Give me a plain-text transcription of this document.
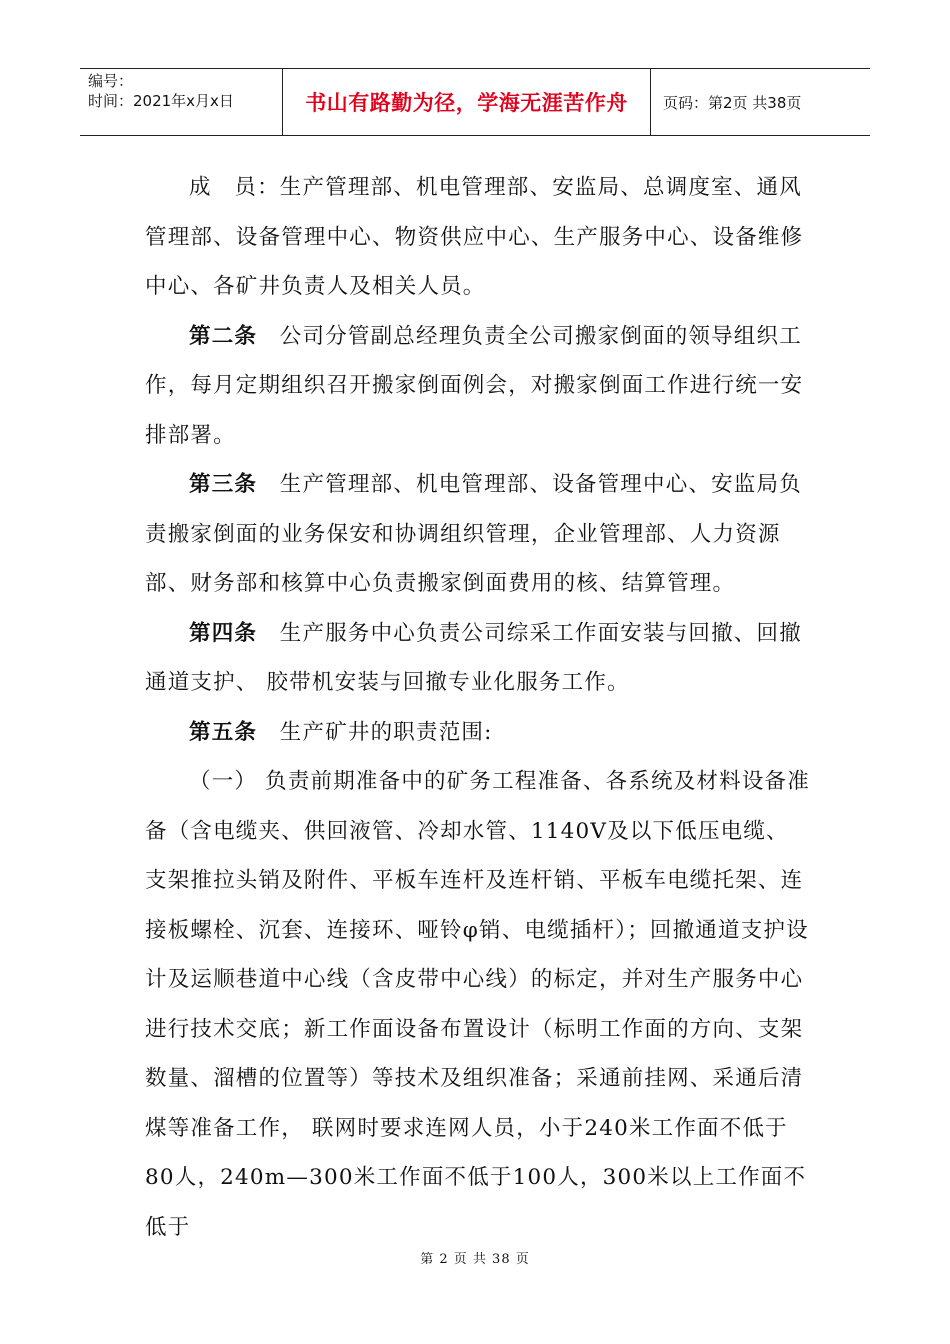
编号：
时间：2021年x月x日	书山有路勤为径，学海无涯苦作舟	页码：第2页 共38页

成　员：生产管理部、机电管理部、安监局、总调度室、通风管理部、设备管理中心、物资供应中心、生产服务中心、设备维修中心、各矿井负责人及相关人员。

第二条　公司分管副总经理负责全公司搬家倒面的领导组织工作，每月定期组织召开搬家倒面例会，对搬家倒面工作进行统一安排部署。

第三条　生产管理部、机电管理部、设备管理中心、安监局负责搬家倒面的业务保安和协调组织管理，企业管理部、人力资源部、财务部和核算中心负责搬家倒面费用的核、结算管理。

第四条　生产服务中心负责公司综采工作面安装与回撤、回撤通道支护、 胶带机安装与回撤专业化服务工作。

第五条　生产矿井的职责范围:

（一） 负责前期准备中的矿务工程准备、各系统及材料设备准备（含电缆夹、供回液管、冷却水管、1140V及以下低压电缆、支架推拉头销及附件、平板车连杆及连杆销、平板车电缆托架、连接板螺栓、沉套、连接环、哑铃φ销、电缆插杆）；回撤通道支护设计及运顺巷道中心线（含皮带中心线）的标定，并对生产服务中心进行技术交底；新工作面设备布置设计（标明工作面的方向、支架数量、溜槽的位置等）等技术及组织准备；采通前挂网、采通后清煤等准备工作， 联网时要求连网人员，小于240米工作面不低于80人，240m—300米工作面不低于100人，300米以上工作面不低于

第 2 页 共 38 页
